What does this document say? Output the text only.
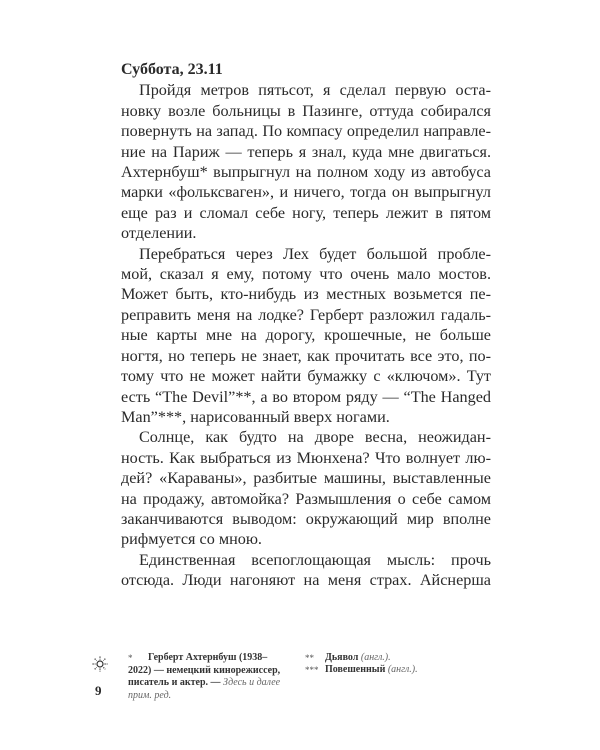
Суббота, 23.11
Пройдя метров пятьсот, я сделал первую оста-
новку возле больницы в Пазинге, оттуда собирался
повернуть на запад. По компасу определил направле-
ние на Париж — теперь я знал, куда мне двигаться.
Ахтернбуш* выпрыгнул на полном ходу из автобуса
марки «фольксваген», и ничего, тогда он выпрыгнул
еще раз и сломал себе ногу, теперь лежит в пятом
отделении.
Перебраться через Лех будет большой пробле-
мой, сказал я ему, потому что очень мало мостов.
Может быть, кто-нибудь из местных возьмется пе-
реправить меня на лодке? Герберт разложил гадаль-
ные карты мне на дорогу, крошечные, не больше
ногтя, но теперь не знает, как прочитать все это, по-
тому что не может найти бумажку с «ключом». Тут
есть “The Devil”**, а во втором ряду — “The Hanged
Man”***, нарисованный вверх ногами.
Солнце, как будто на дворе весна, неожидан-
ность. Как выбраться из Мюнхена? Что волнует лю-
дей? «Караваны», разбитые машины, выставленные
на продажу, автомойка? Размышления о себе самом
заканчиваются выводом: окружающий мир вполне
рифмуется со мною.
Единственная всепоглощающая мысль: прочь
отсюда. Люди нагоняют на меня страх. Айснерша
*	Герберт Ахтернбуш (1938–
2022) — немецкий кинорежиссер,
писатель и актер. — Здесь и далее
прим. ред.
**	Дьявол (англ.).
*** Повешенный (англ.).
9
